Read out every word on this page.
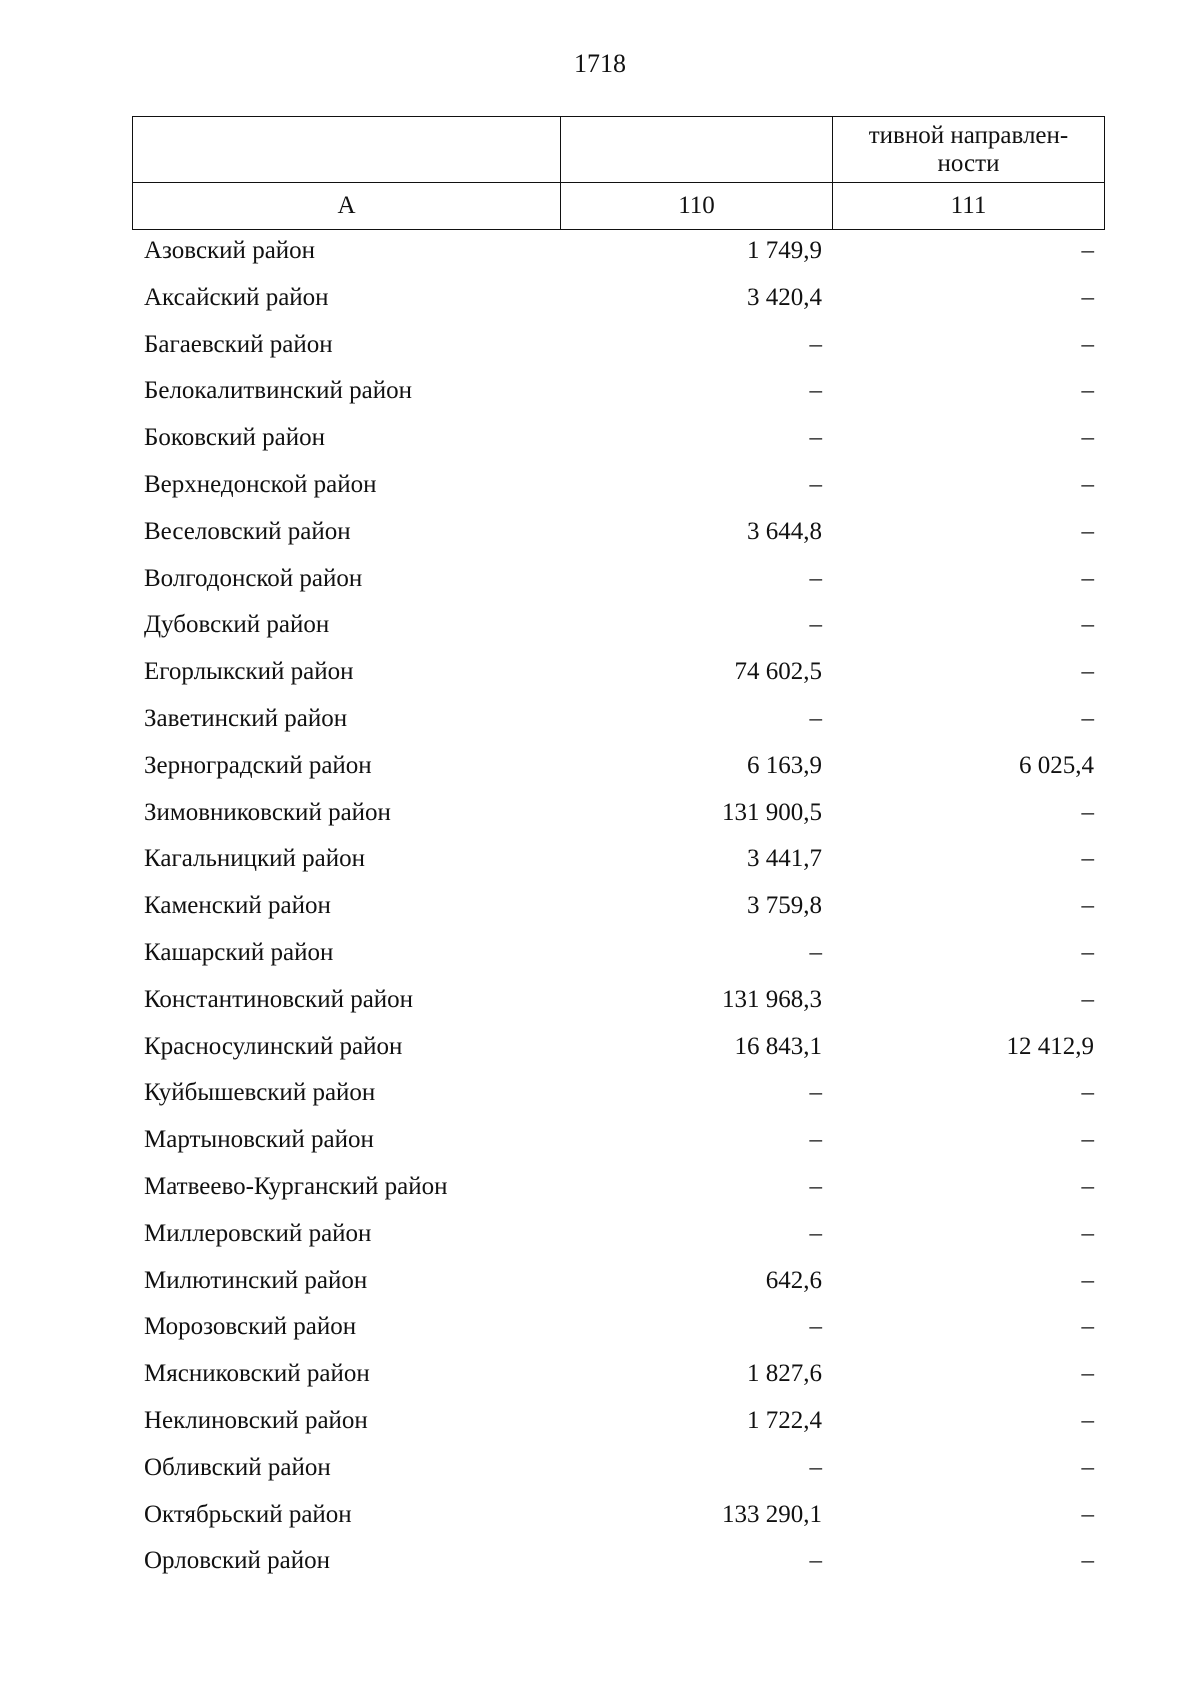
1718

		тивной направлен-
ности

А	110	111
Азовский район	1 749,9	–
Аксайский район	3 420,4	–
Багаевский район	–	–
Белокалитвинский район	–	–
Боковский район	–	–
Верхнедонской район	–	–
Веселовский район	3 644,8	–
Волгодонской район	–	–
Дубовский район	–	–
Егорлыкский район	74 602,5	–
Заветинский район	–	–
Зерноградский район	6 163,9	6 025,4
Зимовниковский район	131 900,5	–
Кагальницкий район	3 441,7	–
Каменский район	3 759,8	–
Кашарский район	–	–
Константиновский район	131 968,3	–
Красносулинский район	16 843,1	12 412,9
Куйбышевский район	–	–
Мартыновский район	–	–
Матвеево-Курганский район	–	–
Миллеровский район	–	–
Милютинский район	642,6	–
Морозовский район	–	–
Мясниковский район	1 827,6	–
Неклиновский район	1 722,4	–
Обливский район	–	–
Октябрьский район	133 290,1	–
Орловский район	–	–
